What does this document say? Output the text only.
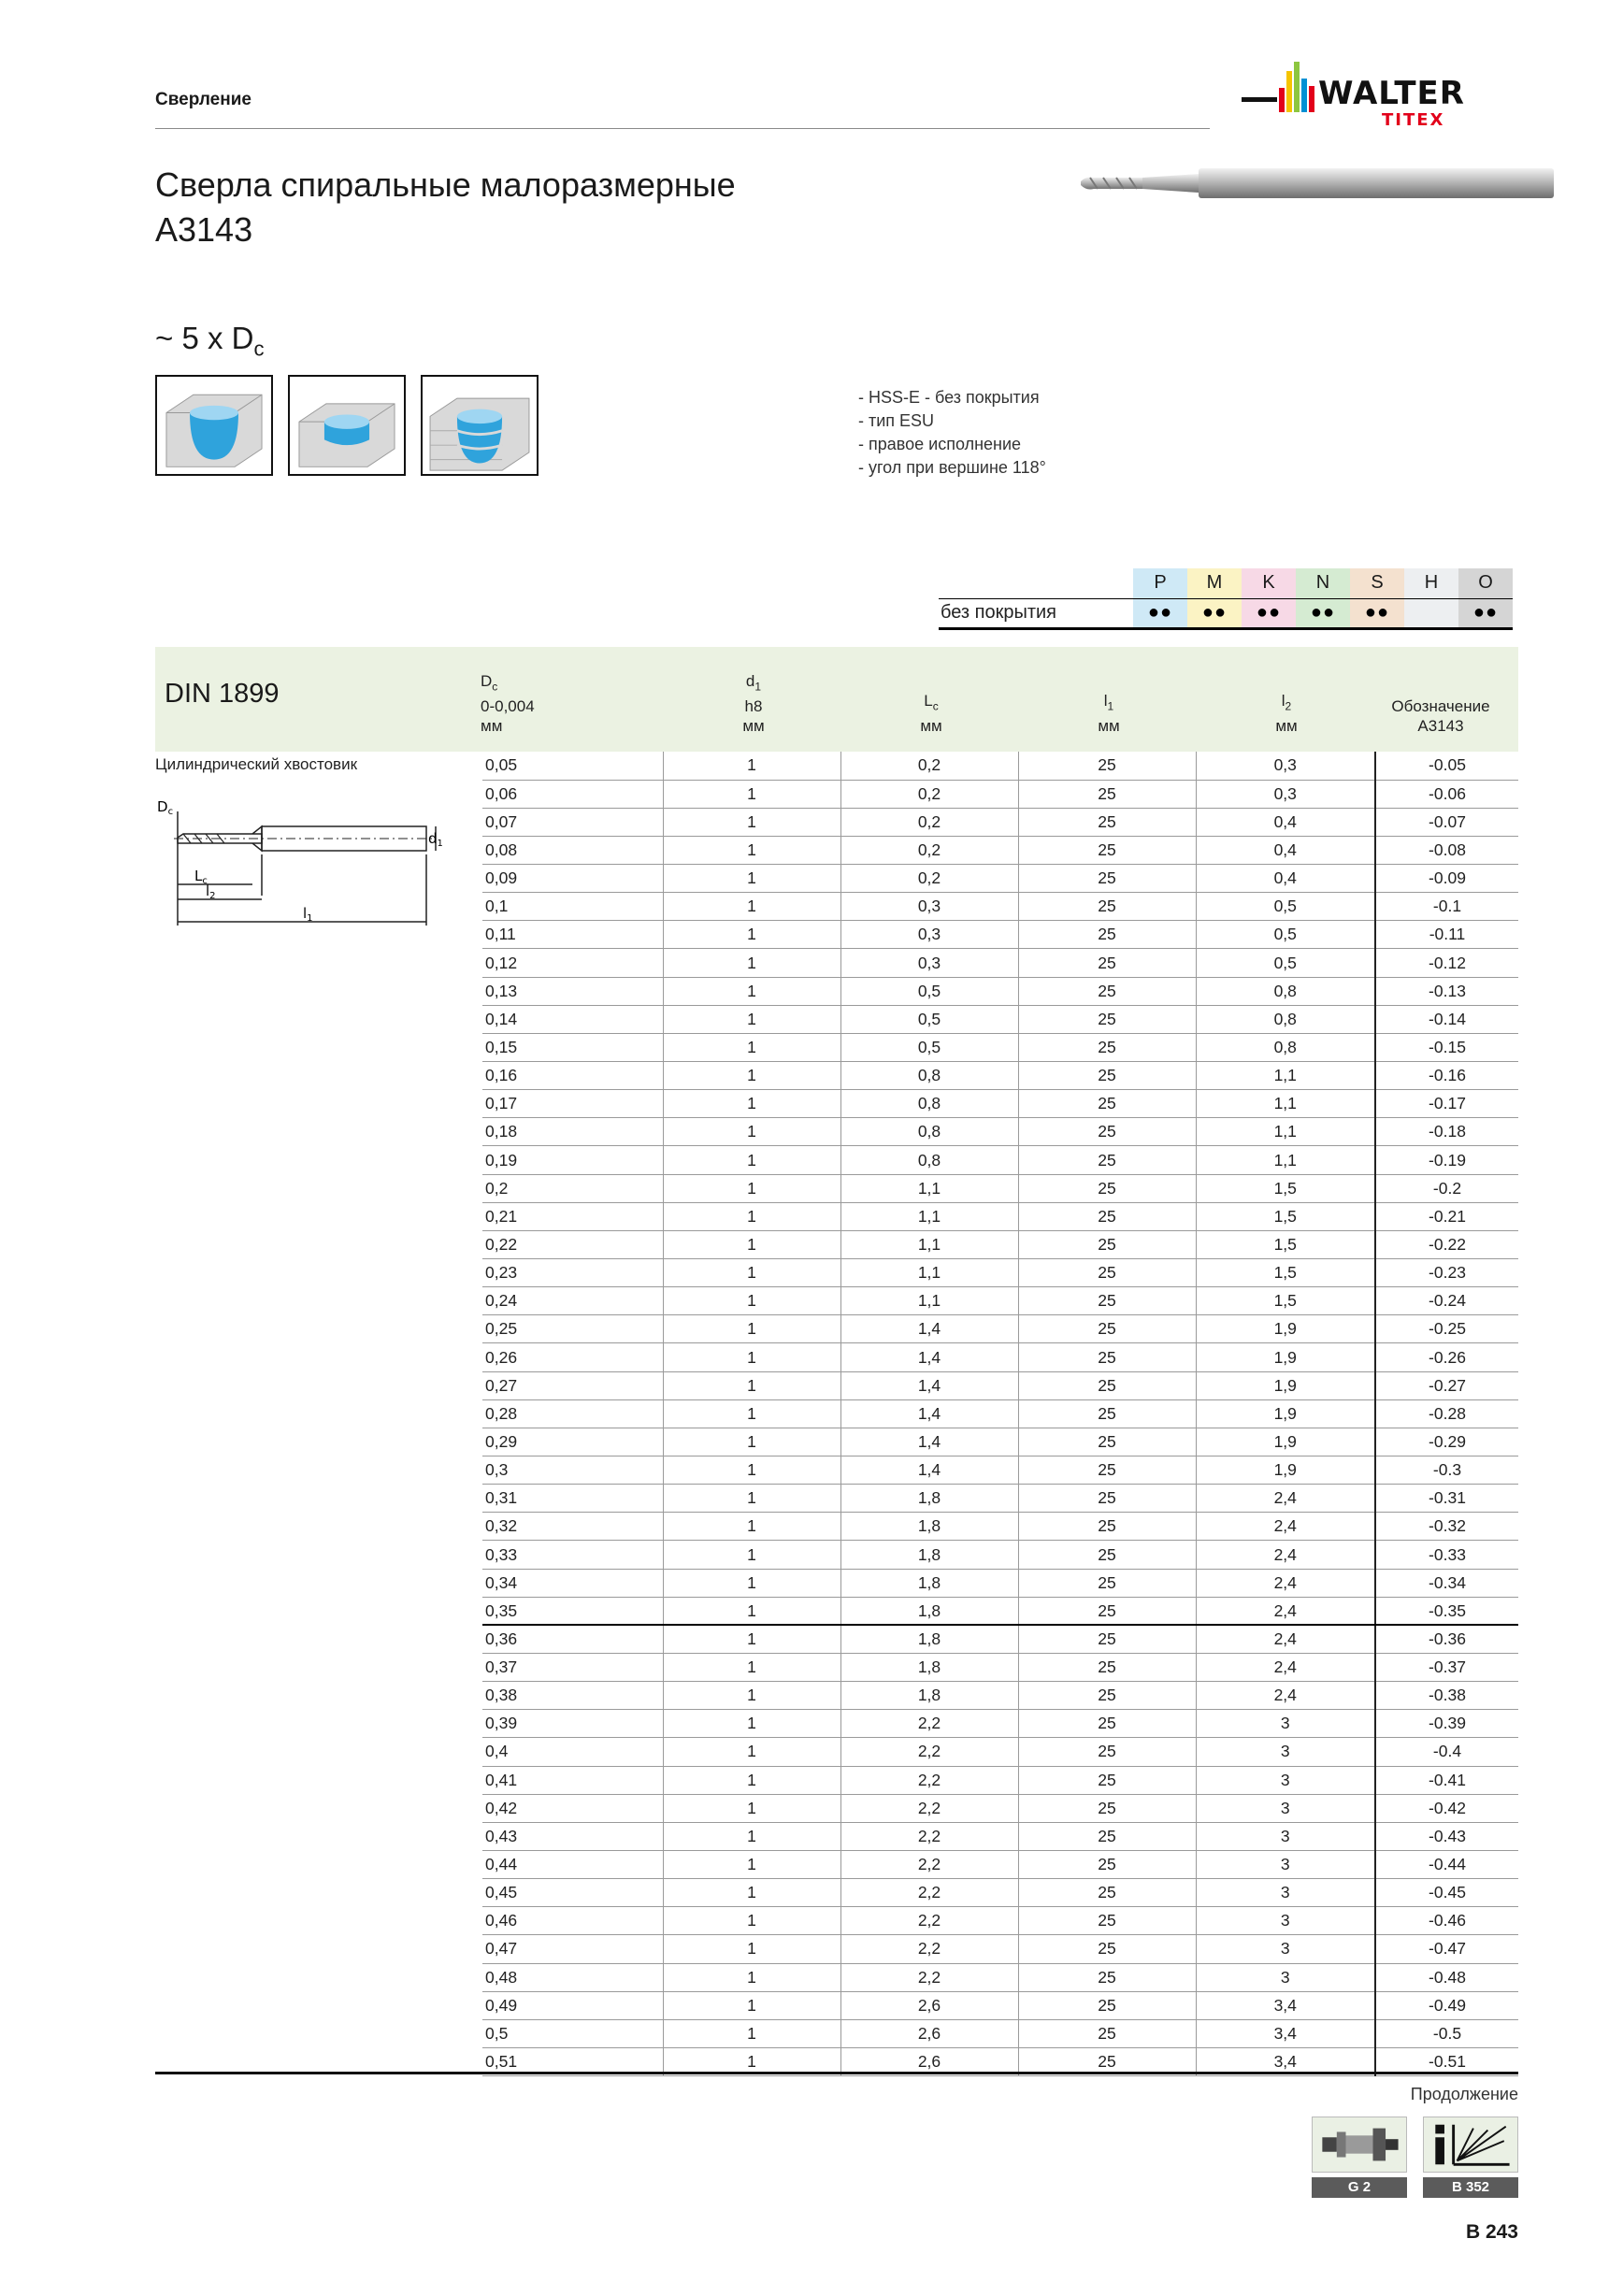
Сверление	WALTER
TITEX
Сверла спиральные малоразмерные
A3143
~ 5 x $D_c$
- HSS-E - без покрытия
- тип ESU
- правое исполнение
- угол при вершине 118°
	P	M	K	N	S	H	O
без покрытия	●●	●●	●●	●●	●●		●●
DIN 1899	$D_c$
0-0,004
мм
$d_1$
h8
мм
$L_c$
мм
$l_1$
мм
$l_2$
мм
Обозначение
A3143
Цилиндрический хвостовик
$D_c$
$d_1$
$L_c$
$l_2$
$l_1$
0,05	1	0,2	25	0,3	-0.05
0,06	1	0,2	25	0,3	-0.06
0,07	1	0,2	25	0,4	-0.07
0,08	1	0,2	25	0,4	-0.08
0,09	1	0,2	25	0,4	-0.09
0,1	1	0,3	25	0,5	-0.1
0,11	1	0,3	25	0,5	-0.11
0,12	1	0,3	25	0,5	-0.12
0,13	1	0,5	25	0,8	-0.13
0,14	1	0,5	25	0,8	-0.14
0,15	1	0,5	25	0,8	-0.15
0,16	1	0,8	25	1,1	-0.16
0,17	1	0,8	25	1,1	-0.17
0,18	1	0,8	25	1,1	-0.18
0,19	1	0,8	25	1,1	-0.19
0,2	1	1,1	25	1,5	-0.2
0,21	1	1,1	25	1,5	-0.21
0,22	1	1,1	25	1,5	-0.22
0,23	1	1,1	25	1,5	-0.23
0,24	1	1,1	25	1,5	-0.24
0,25	1	1,4	25	1,9	-0.25
0,26	1	1,4	25	1,9	-0.26
0,27	1	1,4	25	1,9	-0.27
0,28	1	1,4	25	1,9	-0.28
0,29	1	1,4	25	1,9	-0.29
0,3	1	1,4	25	1,9	-0.3
0,31	1	1,8	25	2,4	-0.31
0,32	1	1,8	25	2,4	-0.32
0,33	1	1,8	25	2,4	-0.33
0,34	1	1,8	25	2,4	-0.34
0,35	1	1,8	25	2,4	-0.35
0,36	1	1,8	25	2,4	-0.36
0,37	1	1,8	25	2,4	-0.37
0,38	1	1,8	25	2,4	-0.38
0,39	1	2,2	25	3	-0.39
0,4	1	2,2	25	3	-0.4
0,41	1	2,2	25	3	-0.41
0,42	1	2,2	25	3	-0.42
0,43	1	2,2	25	3	-0.43
0,44	1	2,2	25	3	-0.44
0,45	1	2,2	25	3	-0.45
0,46	1	2,2	25	3	-0.46
0,47	1	2,2	25	3	-0.47
0,48	1	2,2	25	3	-0.48
0,49	1	2,6	25	3,4	-0.49
0,5	1	2,6	25	3,4	-0.5
0,51	1	2,6	25	3,4	-0.51
Продолжение
G 2	B 352
B 243
